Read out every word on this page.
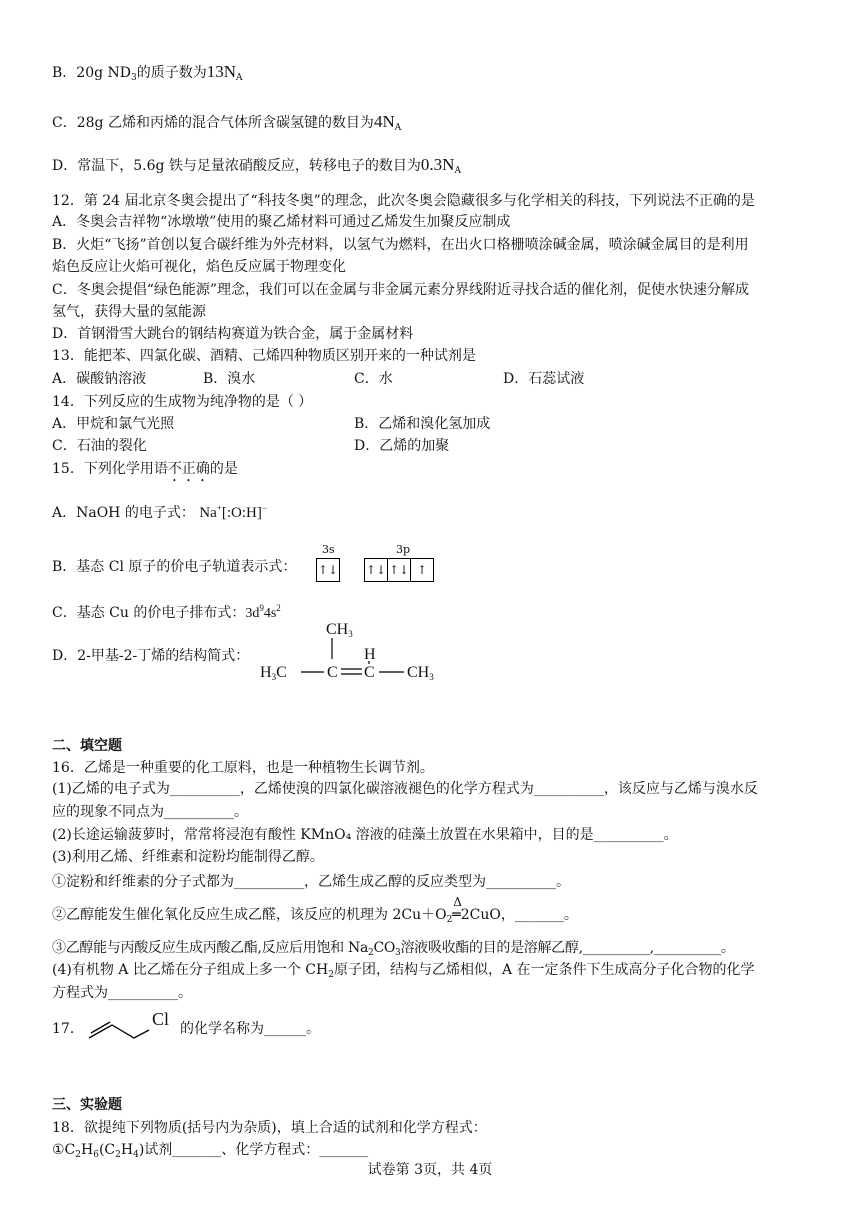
B．20g $ND_3$的质子数为$13N_A$
C．28g 乙烯和丙烯的混合气体所含碳氢键的数目为$4N_A$
D．常温下，5.6g 铁与足量浓硝酸反应，转移电子的数目为$0.3N_A$
12．第 24 届北京冬奥会提出了“科技冬奥”的理念，此次冬奥会隐藏很多与化学相关的科技，下列说法不正确的是
A．冬奥会吉祥物“冰墩墩”使用的聚乙烯材料可通过乙烯发生加聚反应制成
B．火炬“飞扬”首创以复合碳纤维为外壳材料，以氢气为燃料，在出火口格栅喷涂碱金属，喷涂碱金属目的是利用
焰色反应让火焰可视化，焰色反应属于物理变化
C．冬奥会提倡“绿色能源”理念，我们可以在金属与非金属元素分界线附近寻找合适的催化剂，促使水快速分解成
氢气，获得大量的氢能源
D．首钢滑雪大跳台的钢结构赛道为铁合金，属于金属材料
13．能把苯、四氯化碳、酒精、己烯四种物质区别开来的一种试剂是
A．碳酸钠溶液	B．溴水	C．水	D．石蕊试液
14．下列反应的生成物为纯净物的是（ ）
A．甲烷和氯气光照	B．乙烯和溴化氢加成
C．石油的裂化	D．乙烯的加聚
15．下列化学用语不正确的是
A．NaOH 的电子式： Na+[:O:H]−
B．基态 Cl 原子的价电子轨道表示式：
3s	3p
↑↓ ↑↓ ↑↓ ↑
C．基态 Cu 的价电子排布式：$3d^94s^2$
D．2-甲基-2-丁烯的结构简式：
$CH_3$
H
$H_3C$	C C $CH_3$
二、填空题
16．乙烯是一种重要的化工原料，也是一种植物生长调节剂。
(1)乙烯的电子式为__________，乙烯使溴的四氯化碳溶液褪色的化学方程式为__________，该反应与乙烯与溴水反
应的现象不同点为__________。
(2)长途运输菠萝时，常常将浸泡有酸性 KMnO₄ 溶液的硅藻土放置在水果箱中，目的是__________。
(3)利用乙烯、纤维素和淀粉均能制得乙醇。
①淀粉和纤维素的分子式都为__________，乙烯生成乙醇的反应类型为__________。
②乙醇能发生催化氧化反应生成乙醛，该反应的机理为 $2Cu+O_2$
Δ
═2CuO，_______。
③乙醇能与丙酸反应生成丙酸乙酯,反应后用饱和 $Na_2CO_3$溶液吸收酯的目的是溶解乙醇,__________,__________。
(4)有机物 A 比乙烯在分子组成上多一个 $CH_2$原子团，结构与乙烯相似，A 在一定条件下生成高分子化合物的化学
方程式为__________。
17．	Cl 的化学名称为______。
三、实验题
18．欲提纯下列物质(括号内为杂质)，填上合适的试剂和化学方程式：
$①C_2H_6(C_2H_4)$试剂_______、化学方程式：_______
试卷第 3页，共 4页
